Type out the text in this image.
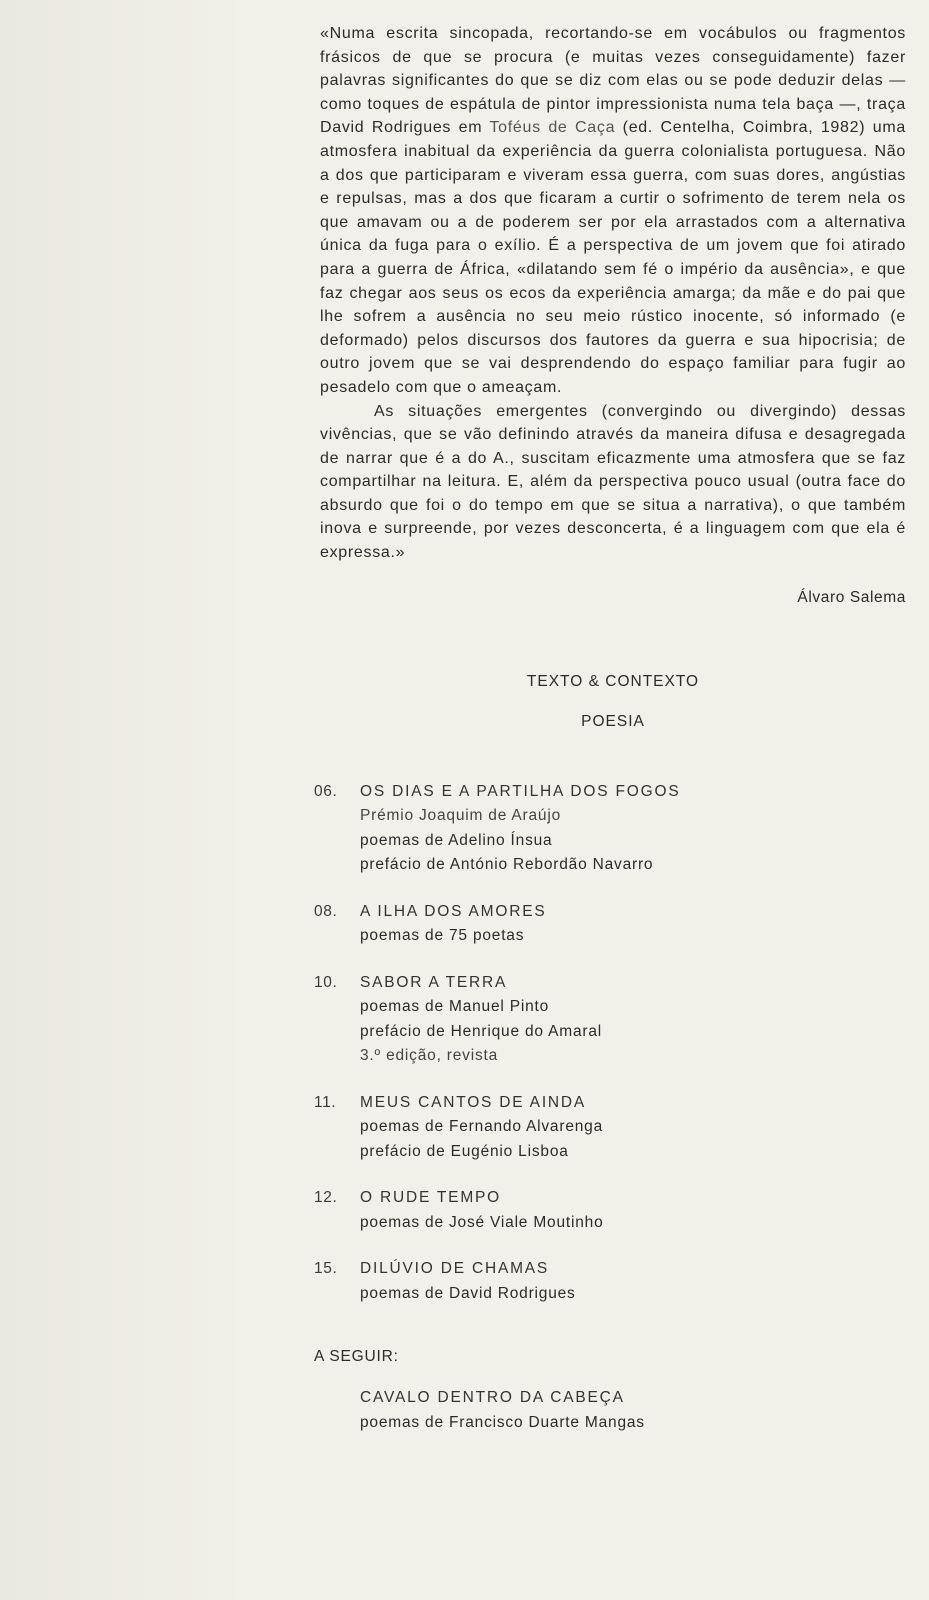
«Numa escrita sincopada, recortando-se em vocábulos ou fragmentos frásicos de que se procura (e muitas vezes conseguidamente) fazer palavras significantes do que se diz com elas ou se pode deduzir delas — como toques de espátula de pintor impressionista numa tela baça —, traça David Rodrigues em Toféus de Caça (ed. Centelha, Coimbra, 1982) uma atmosfera inabitual da experiência da guerra colonialista portuguesa. Não a dos que participaram e viveram essa guerra, com suas dores, angústias e repulsas, mas a dos que ficaram a curtir o sofrimento de terem nela os que amavam ou a de poderem ser por ela arrastados com a alternativa única da fuga para o exílio. É a perspectiva de um jovem que foi atirado para a guerra de África, «dilatando sem fé o império da ausência», e que faz chegar aos seus os ecos da experiência amarga; da mãe e do pai que lhe sofrem a ausência no seu meio rústico inocente, só informado (e deformado) pelos discursos dos fautores da guerra e sua hipocrisia; de outro jovem que se vai desprendendo do espaço familiar para fugir ao pesadelo com que o ameaçam.

As situações emergentes (convergindo ou divergindo) dessas vivências, que se vão definindo através da maneira difusa e desagregada de narrar que é a do A., suscitam eficazmente uma atmosfera que se faz compartilhar na leitura. E, além da perspectiva pouco usual (outra face do absurdo que foi o do tempo em que se situa a narrativa), o que também inova e surpreende, por vezes desconcerta, é a linguagem com que ela é expressa.»

Álvaro Salema
TEXTO & CONTEXTO
POESIA
06.	OS DIAS E A PARTILHA DOS FOGOS
Prémio Joaquim de Araújo
poemas de Adelino Ínsua
prefácio de António Rebordão Navarro
08.	A ILHA DOS AMORES
poemas de 75 poetas
10.	SABOR A TERRA
poemas de Manuel Pinto
prefácio de Henrique do Amaral
3.º edição, revista
11.	MEUS CANTOS DE AINDA
poemas de Fernando Alvarenga
prefácio de Eugénio Lisboa
12.	O RUDE TEMPO
poemas de José Viale Moutinho
15.	DILÚVIO DE CHAMAS
poemas de David Rodrigues
A SEGUIR:
CAVALO DENTRO DA CABEÇA
poemas de Francisco Duarte Mangas
